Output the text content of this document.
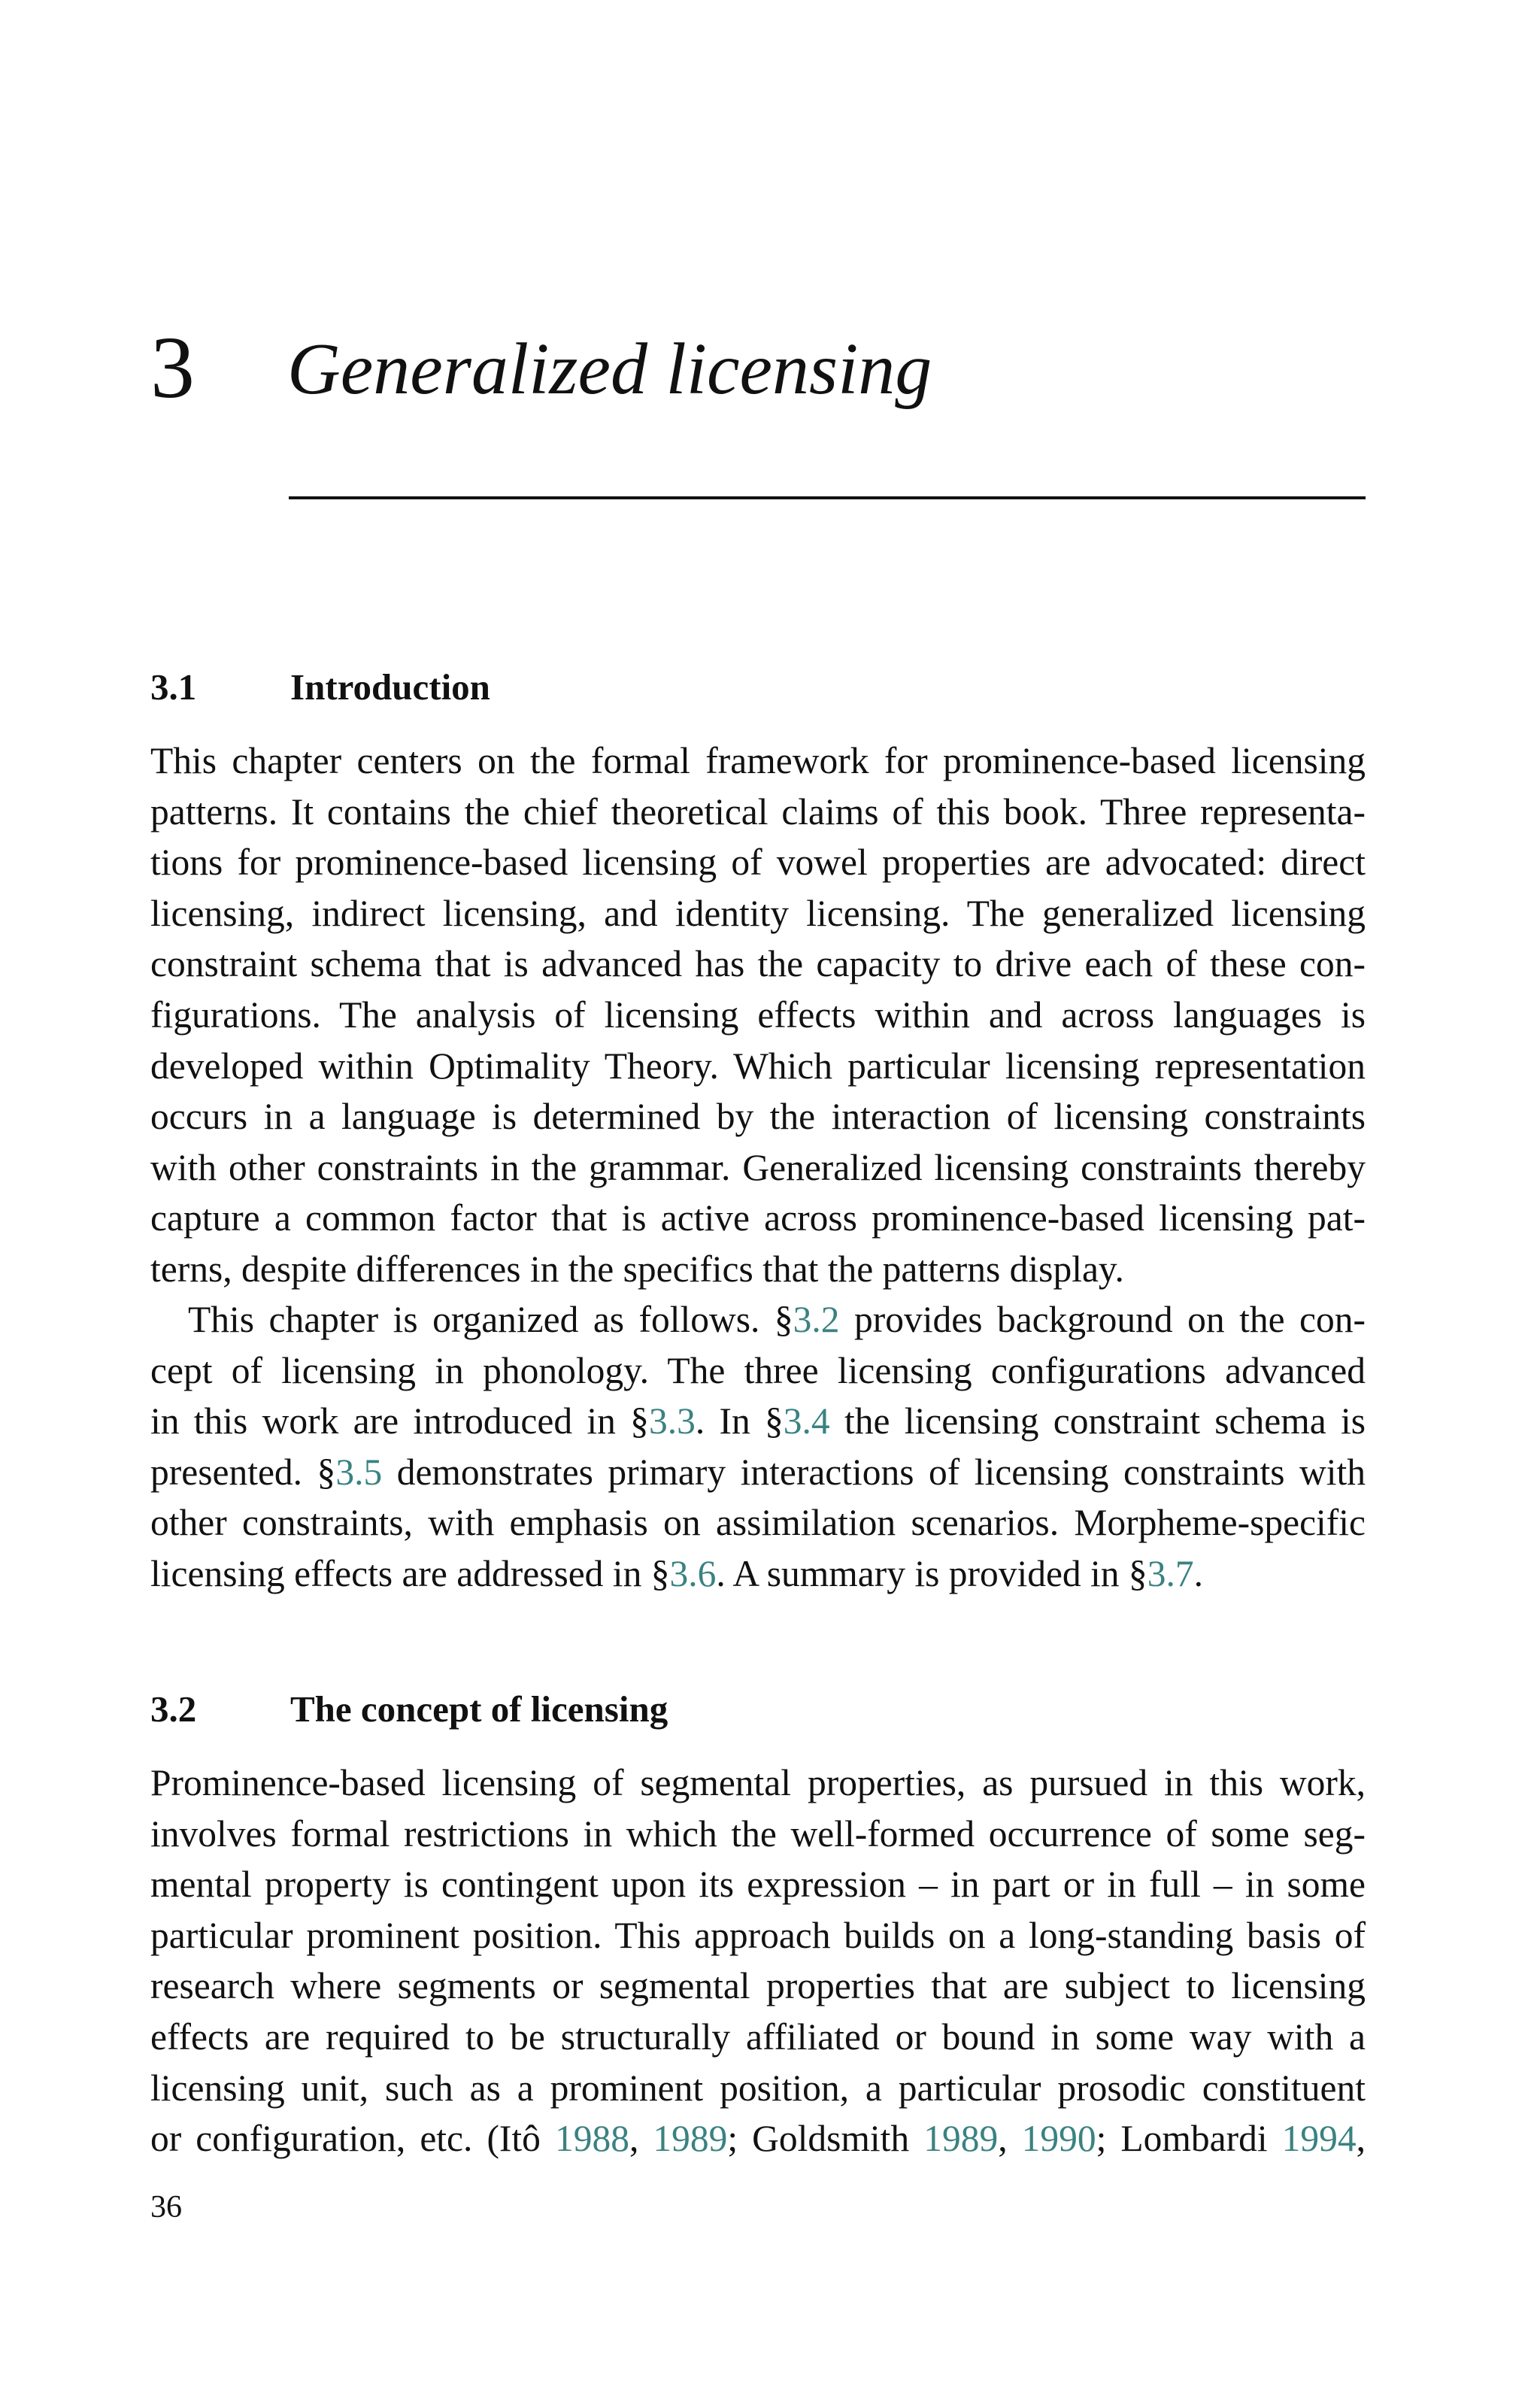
3 Generalized licensing
3.1	Introduction
This chapter centers on the formal framework for prominence-based licensing
patterns. It contains the chief theoretical claims of this book. Three representa-
tions for prominence-based licensing of vowel properties are advocated: direct
licensing, indirect licensing, and identity licensing. The generalized licensing
constraint schema that is advanced has the capacity to drive each of these con-
figurations. The analysis of licensing effects within and across languages is
developed within Optimality Theory. Which particular licensing representation
occurs in a language is determined by the interaction of licensing constraints
with other constraints in the grammar. Generalized licensing constraints thereby
capture a common factor that is active across prominence-based licensing pat-
terns, despite differences in the specifics that the patterns display.
This chapter is organized as follows. §3.2 provides background on the con-
cept of licensing in phonology. The three licensing configurations advanced
in this work are introduced in §3.3. In §3.4 the licensing constraint schema is
presented. §3.5 demonstrates primary interactions of licensing constraints with
other constraints, with emphasis on assimilation scenarios. Morpheme-specific
licensing effects are addressed in §3.6. A summary is provided in §3.7.
3.2	The concept of licensing
Prominence-based licensing of segmental properties, as pursued in this work,
involves formal restrictions in which the well-formed occurrence of some seg-
mental property is contingent upon its expression – in part or in full – in some
particular prominent position. This approach builds on a long-standing basis of
research where segments or segmental properties that are subject to licensing
effects are required to be structurally affiliated or bound in some way with a
licensing unit, such as a prominent position, a particular prosodic constituent
or configuration, etc. (Itô 1988, 1989; Goldsmith 1989, 1990; Lombardi 1994,
36
